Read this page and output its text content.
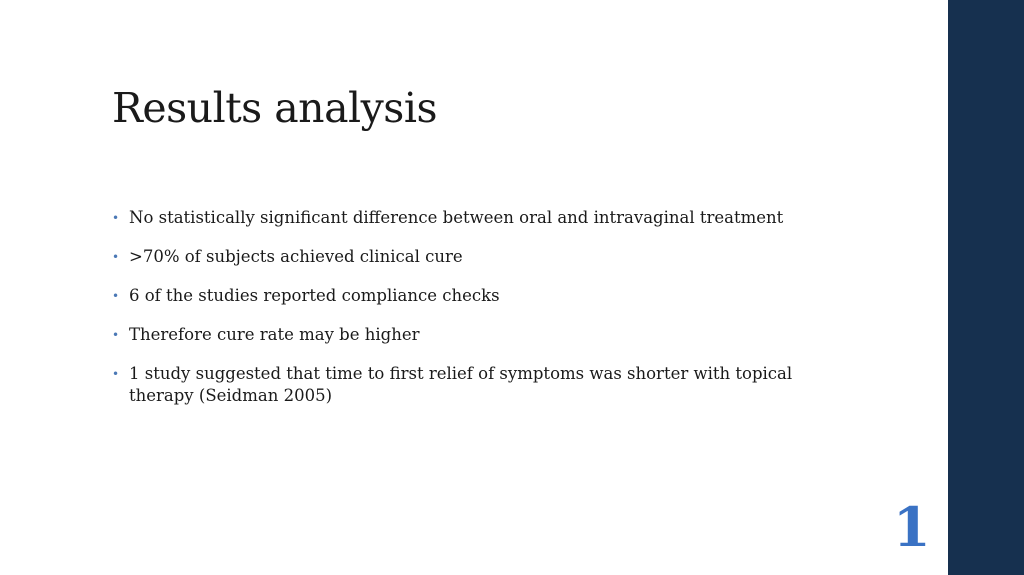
Results analysis
• No statistically significant difference between oral and intravaginal treatment
• >70% of subjects achieved clinical cure
• 6 of the studies reported compliance checks
• Therefore cure rate may be higher
• 1 study suggested that time to first relief of symptoms was shorter with topical therapy (Seidman 2005)
1
